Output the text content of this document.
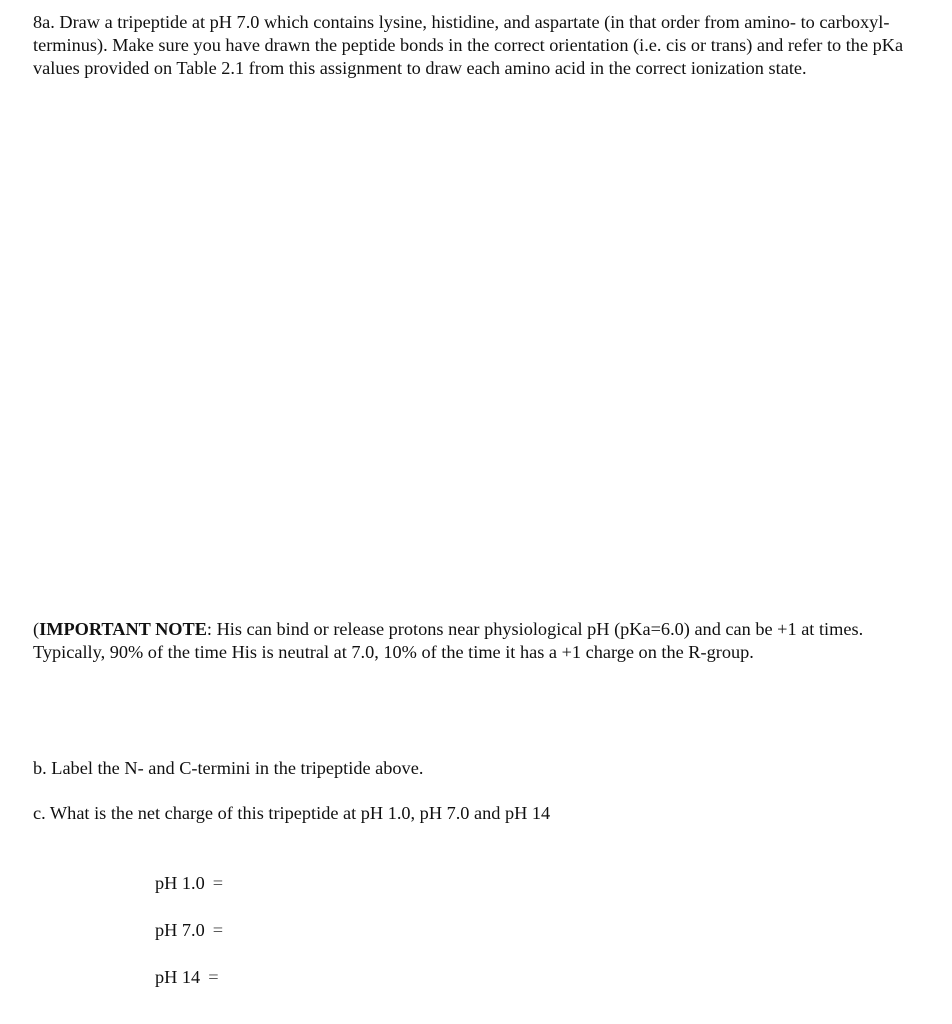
8a. Draw a tripeptide at pH 7.0 which contains lysine, histidine, and aspartate (in that order from amino- to carboxyl- terminus). Make sure you have drawn the peptide bonds in the correct orientation (i.e. cis or trans) and refer to the pKa values provided on Table 2.1 from this assignment to draw each amino acid in the correct ionization state.

(IMPORTANT NOTE: His can bind or release protons near physiological pH (pKa=6.0) and can be +1 at times. Typically, 90% of the time His is neutral at 7.0, 10% of the time it has a +1 charge on the R-group.

b. Label the N- and C-termini in the tripeptide above.

c. What is the net charge of this tripeptide at pH 1.0, pH 7.0 and pH 14

pH 1.0 =
pH 7.0 =
pH 14 =
